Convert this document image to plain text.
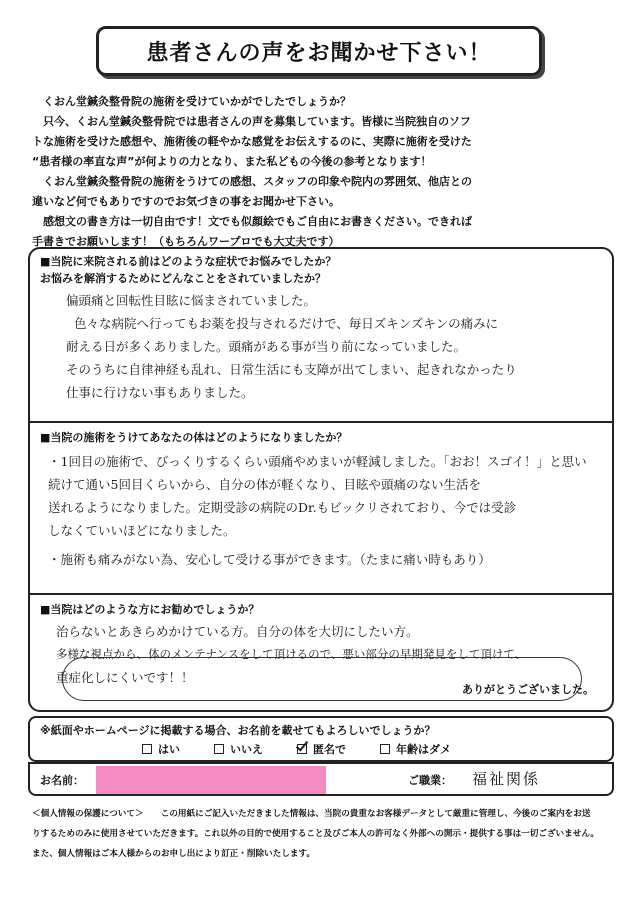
患者さんの声をお聞かせ下さい！

　くおん堂鍼灸整骨院の施術を受けていかがでしたでしょうか？

　只今、くおん堂鍼灸整骨院では患者さんの声を募集しています。皆様に当院独自のソフ

トな施術を受けた感想や、施術後の軽やかな感覚をお伝えするのに、実際に施術を受けた

“患者様の率直な声”が何よりの力となり、また私どもの今後の参考となります！

　くおん堂鍼灸整骨院の施術をうけての感想、スタッフの印象や院内の雰囲気、他店との

違いなど何でもありですのでお気づきの事をお聞かせ下さい。

　感想文の書き方は一切自由です！文でも似顔絵でもご自由にお書きください。できれば

手書きでお願いします！（もちろんワープロでも大丈夫です）

■当院に来院される前はどのような症状でお悩みでしたか？

お悩みを解消するためにどんなことをされていましたか？

偏頭痛と回転性目眩に悩まされていました。

色々な病院へ行ってもお薬を投与されるだけで、毎日ズキンズキンの痛みに

耐える日が多くありました。頭痛がある事が当り前になっていました。

そのうちに自律神経も乱れ、日常生活にも支障が出てしまい、起きれなかったり

仕事に行けない事もありました。

■当院の施術をうけてあなたの体はどのようになりましたか？

・1回目の施術で、びっくりするくらい頭痛やめまいが軽減しました。「おお！スゴイ！」と思い

続けて通い5回目くらいから、自分の体が軽くなり、目眩や頭痛のない生活を

送れるようになりました。定期受診の病院のDr.もビックリされており、今では受診

しなくていいほどになりました。

・施術も痛みがない為、安心して受ける事ができます。（たまに痛い時もあり）

■当院はどのような方にお勧めでしょうか？

治らないとあきらめかけている方。自分の体を大切にしたい方。

多様な視点から、体のメンテナンスをして頂けるので、悪い部分の早期発見をして頂けて、

重症化しにくいです！！

ありがとうございました。
※紙面やホームページに掲載する場合、お名前を載せてもよろしいでしょうか？
はい	いいえ	匿名で	年齢はダメ
お名前：	ご職業： 福祉関係

＜個人情報の保護について＞　　この用紙にご記入いただきました情報は、当院の貴重なお客様データとして厳重に管理し、今後のご案内をお送

りするためのみに使用させていただきます。これ以外の目的で使用すること及びご本人の許可なく外部への開示・提供する事は一切ございません。

また、個人情報はご本人様からのお申し出により訂正・削除いたします。
